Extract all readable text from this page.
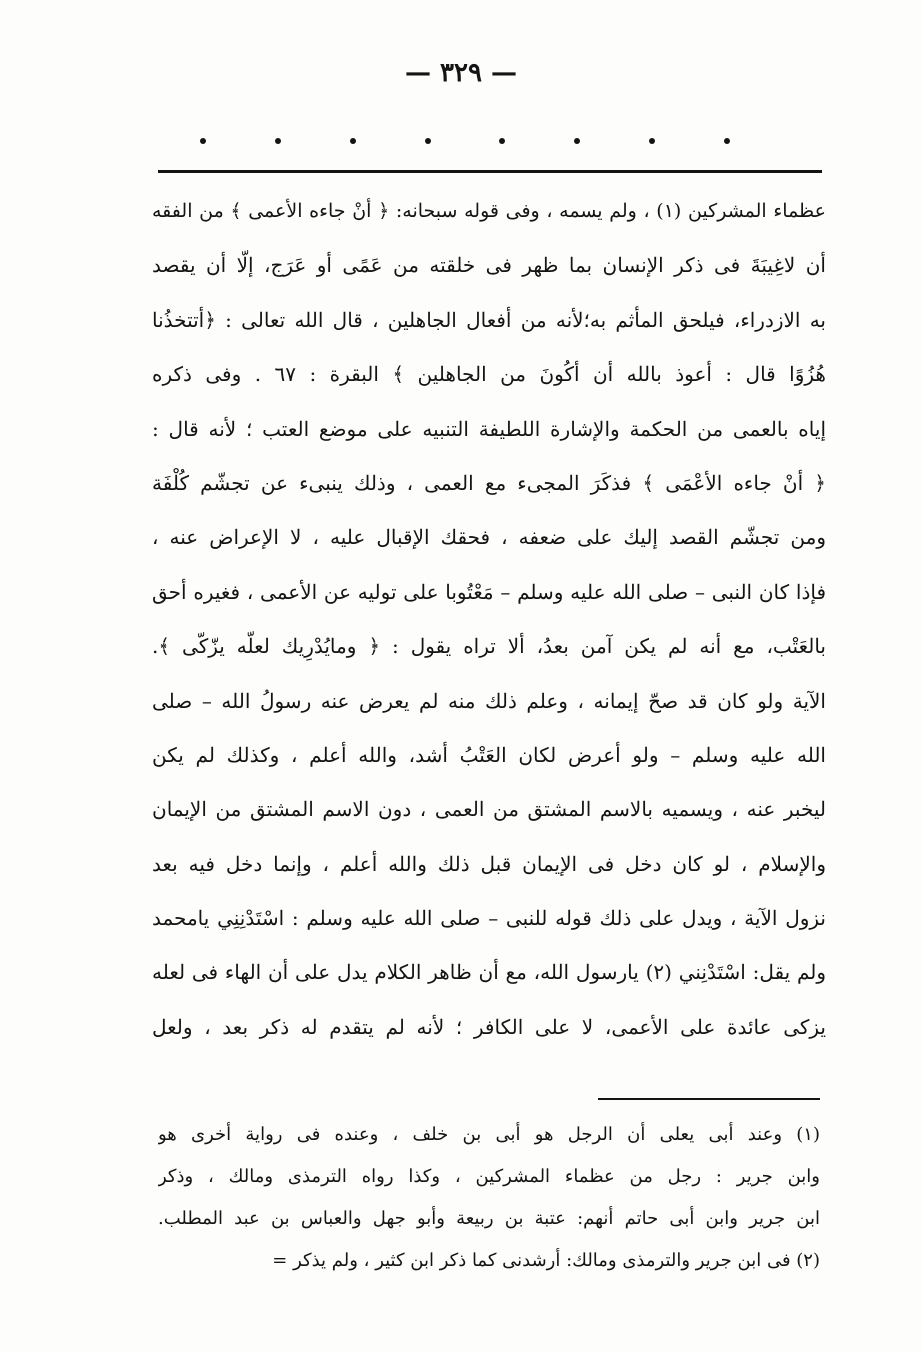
— ٣٢٩ —
عظماء المشركين (١) ، ولم يسمه ، وفى قوله سبحانه: ﴿ أنْ جاءه الأعمى ﴾ من الفقه
أن لاغِيبَةَ فى ذكر الإنسان بما ظهر فى خلقته من عَمًى أو عَرَج، إلّا أن يقصد
به الازدراء، فيلحق المأثم به؛لأنه من أفعال الجاهلين ، قال الله تعالى : ﴿أتتخذُنا
هُزُوًا قال : أعوذ بالله أن أكُونَ من الجاهلين ﴾ البقرة : ٦٧ . وفى ذكره
إياه بالعمى من الحكمة والإشارة اللطيفة التنبيه على موضع العتب ؛ لأنه قال :
﴿ أنْ جاءه الأعْمَى ﴾ فذكَرَ المجىء مع العمى ، وذلك ينبىء عن تجشّم كُلْفَة
ومن تجشّم القصد إليك على ضعفه ، فحقك الإقبال عليه ، لا الإعراض عنه ،
فإذا كان النبى – صلى الله عليه وسلم – مَعْتُوبا على توليه عن الأعمى ، فغيره أحق
بالعَتْب، مع أنه لم يكن آمن بعدُ، ألا تراه يقول : ﴿ ومايُدْرِيك لعلّه يزّكّى ﴾.
الآية ولو كان قد صحّ إيمانه ، وعلم ذلك منه لم يعرض عنه رسولُ الله – صلى
الله عليه وسلم – ولو أعرض لكان العَتْبُ أشد، والله أعلم ، وكذلك لم يكن
ليخبر عنه ، ويسميه بالاسم المشتق من العمى ، دون الاسم المشتق من الإيمان
والإسلام ، لو كان دخل فى الإيمان قبل ذلك والله أعلم ، وإنما دخل فيه بعد
نزول الآية ، ويدل على ذلك قوله للنبى – صلى الله عليه وسلم : اسْتَدْنِنِي يامحمد
ولم يقل: اسْتَدْنِني (٢) يارسول الله، مع أن ظاهر الكلام يدل على أن الهاء فى لعله
يزكى عائدة على الأعمى، لا على الكافر ؛ لأنه لم يتقدم له ذكر بعد ، ولعل
(١) وعند أبى يعلى أن الرجل هو أبى بن خلف ، وعنده فى رواية أخرى هو
وابن جرير : رجل من عظماء المشركين ، وكذا رواه الترمذى ومالك ، وذكر
ابن جرير وابن أبى حاتم أنهم: عتبة بن ربيعة وأبو جهل والعباس بن عبد المطلب.
(٢) فى ابن جرير والترمذى ومالك: أرشدنى كما ذكر ابن كثير ، ولم يذكر =
